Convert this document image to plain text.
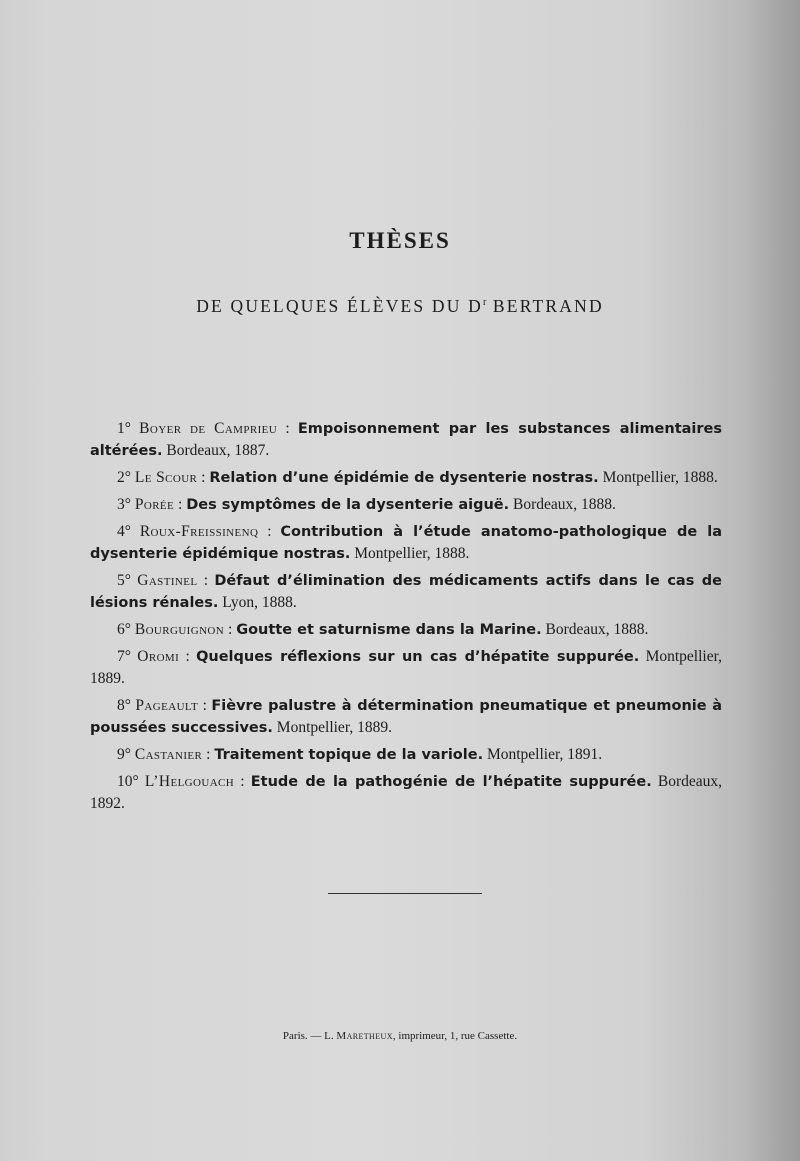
THÈSES
DE QUELQUES ÉLÈVES DU $D^r$ BERTRAND
1° Boyer de Camprieu : Empoisonnement par les substances alimentaires altérées. Bordeaux, 1887.
2° Le Scour : Relation d’une épidémie de dysenterie nostras. Montpellier, 1888.
3° Porée : Des symptômes de la dysenterie aiguë. Bordeaux, 1888.
4° Roux-Freissinenq : Contribution à l’étude anatomo-pathologique de la dysenterie épidémique nostras. Montpellier, 1888.
5° Gastinel : Défaut d’élimination des médicaments actifs dans le cas de lésions rénales. Lyon, 1888.
6° Bourguignon : Goutte et saturnisme dans la Marine. Bordeaux, 1888.
7° Oromi : Quelques réflexions sur un cas d’hépatite suppurée. Montpellier, 1889.
8° Pageault : Fièvre palustre à détermination pneumatique et pneumonie à poussées successives. Montpellier, 1889.
9° Castanier : Traitement topique de la variole. Montpellier, 1891.
10° L’Helgouach : Etude de la pathogénie de l’hépatite suppurée. Bordeaux, 1892.
Paris. — L. Maretheux, imprimeur, 1, rue Cassette.
